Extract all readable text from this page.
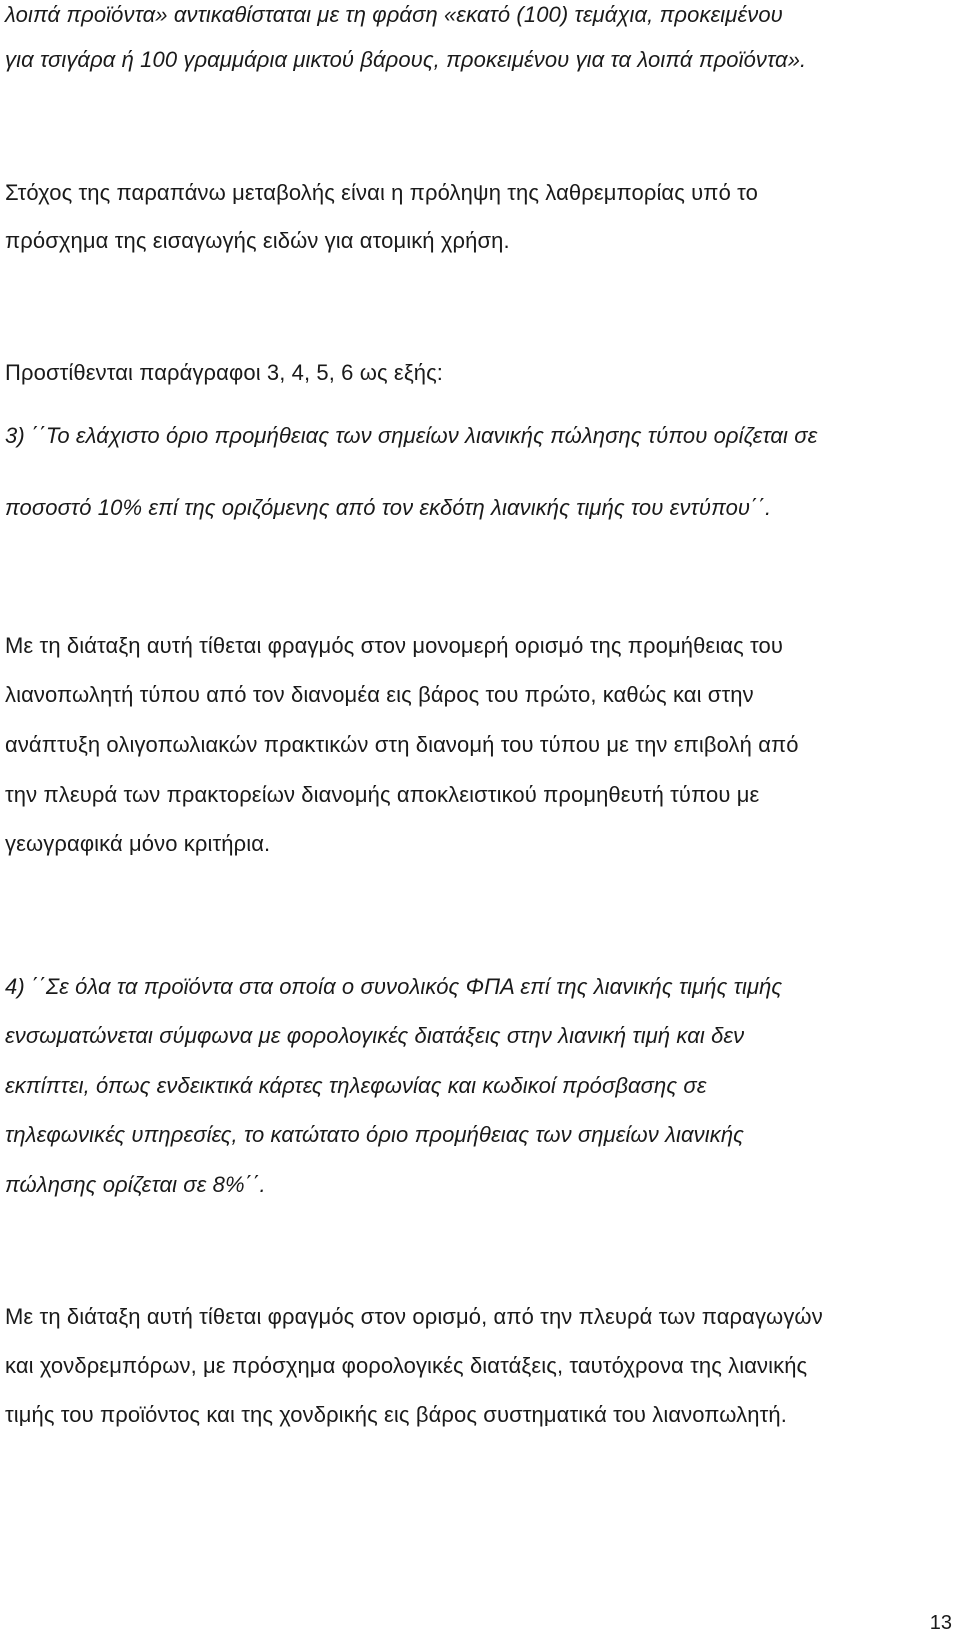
λοιπά προϊόντα» αντικαθίσταται με τη φράση «εκατό (100) τεμάχια, προκειμένου
για τσιγάρα ή 100 γραμμάρια μικτού βάρους, προκειμένου για τα λοιπά προϊόντα».
Στόχος της παραπάνω μεταβολής είναι η πρόληψη της λαθρεμπορίας υπό το
πρόσχημα της εισαγωγής ειδών για ατομική χρήση.
Προστίθενται παράγραφοι 3, 4, 5, 6 ως εξής:
3) ΄΄Το ελάχιστο όριο προμήθειας των σημείων λιανικής πώλησης τύπου ορίζεται σε
ποσοστό 10% επί της οριζόμενης από τον εκδότη λιανικής τιμής του εντύπου΄΄.
Με τη διάταξη αυτή τίθεται φραγμός στον μονομερή ορισμό της προμήθειας του
λιανοπωλητή τύπου από τον διανομέα εις βάρος του πρώτο, καθώς και στην
ανάπτυξη ολιγοπωλιακών πρακτικών στη διανομή του τύπου με την επιβολή από
την πλευρά των πρακτορείων διανομής αποκλειστικού προμηθευτή τύπου με
γεωγραφικά μόνο κριτήρια.
4) ΄΄Σε όλα τα προϊόντα στα οποία ο συνολικός ΦΠΑ επί της λιανικής τιμής τιμής
ενσωματώνεται σύμφωνα με φορολογικές διατάξεις στην λιανική τιμή και δεν
εκπίπτει, όπως ενδεικτικά κάρτες τηλεφωνίας και κωδικοί πρόσβασης σε
τηλεφωνικές υπηρεσίες, το κατώτατο όριο προμήθειας των σημείων λιανικής
πώλησης ορίζεται σε 8%΄΄.
Με τη διάταξη αυτή τίθεται φραγμός στον ορισμό, από την πλευρά των παραγωγών
και χονδρεμπόρων, με πρόσχημα φορολογικές διατάξεις, ταυτόχρονα της λιανικής
τιμής του προϊόντος και της χονδρικής εις βάρος συστηματικά του λιανοπωλητή.
13
